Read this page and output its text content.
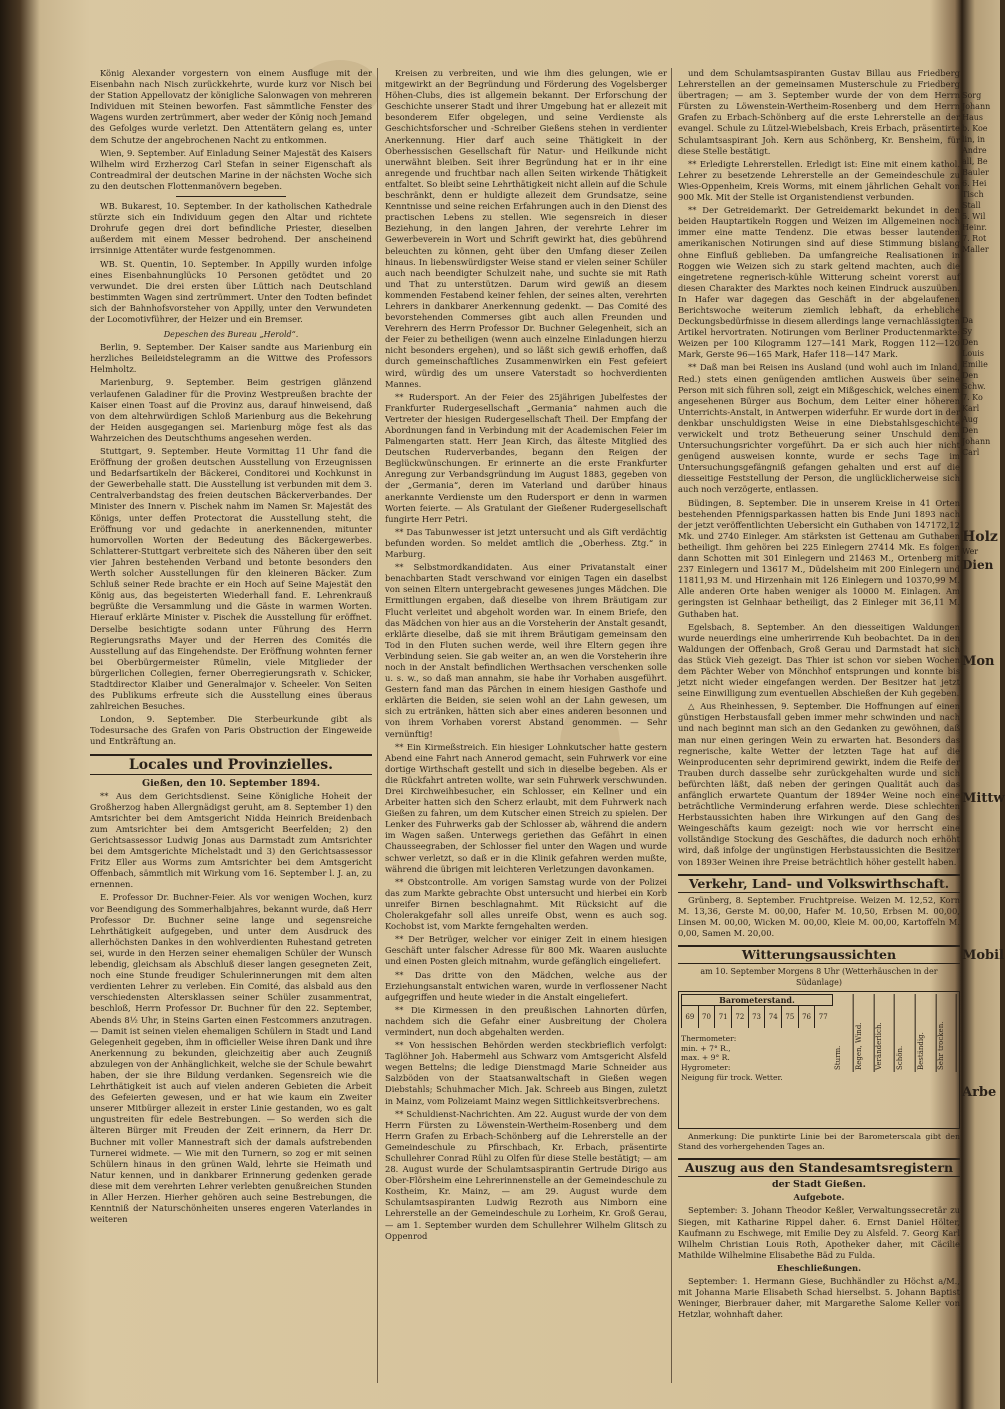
König Alexander vorgestern von einem Ausfluge mit der Eisenbahn nach Nisch zurückkehrte, wurde kurz vor Nisch bei der Station Appellovatz der königliche Salonwagen von mehreren Individuen mit Steinen beworfen. Fast sämmtliche Fenster des Wagens wurden zertrümmert, aber weder der König noch Jemand des Gefolges wurde verletzt. Den Attentätern gelang es, unter dem Schutze der angebrochenen Nacht zu entkommen.

Wien, 9. September. Auf Einladung Seiner Majestät des Kaisers Wilhelm wird Erzherzog Carl Stefan in seiner Eigenschaft als Contreadmiral der deutschen Marine in der nächsten Woche sich zu den deutschen Flottenmanövern begeben.

WB. Bukarest, 10. September. In der katholischen Kathedrale stürzte sich ein Individuum gegen den Altar und richtete Drohrufe gegen drei dort befindliche Priester, dieselben außerdem mit einem Messer bedrohend. Der anscheinend irrsinnige Attentäter wurde festgenommen.

WB. St. Quentin, 10. September. In Appilly wurden infolge eines Eisenbahnunglücks 10 Personen getödtet und 20 verwundet. Die drei ersten über Lüttich nach Deutschland bestimmten Wagen sind zertrümmert. Unter den Todten befindet sich der Bahnhofsvorsteher von Appilly, unter den Verwundeten der Locomotivführer, der Heizer und ein Bremser.

Depeschen des Bureau „Herold“.

Berlin, 9. September. Der Kaiser sandte aus Marienburg ein herzliches Beileidstelegramm an die Wittwe des Professors Helmholtz.

Marienburg, 9. September. Beim gestrigen glänzend verlaufenen Galadiner für die Provinz Westpreußen brachte der Kaiser einen Toast auf die Provinz aus, darauf hinweisend, daß von dem altehrwürdigen Schloß Marienburg aus die Bekehrung der Heiden ausgegangen sei. Marienburg möge fest als das Wahrzeichen des Deutschthums angesehen werden.

Stuttgart, 9. September. Heute Vormittag 11 Uhr fand die Eröffnung der großen deutschen Ausstellung von Erzeugnissen und Bedarfsartikeln der Bäckerei, Conditorei und Kochkunst in der Gewerbehalle statt. Die Ausstellung ist verbunden mit dem 3. Centralverbandstag des freien deutschen Bäckerverbandes. Der Minister des Innern v. Pischek nahm im Namen Sr. Majestät des Königs, unter deffen Protectorat die Ausstellung steht, die Eröffnung vor und gedachte in anerkennenden, mitunter humorvollen Worten der Bedeutung des Bäckergewerbes. Schlatterer-Stuttgart verbreitete sich des Näheren über den seit vier Jahren bestehenden Verband und betonte besonders den Werth solcher Ausstellungen für den kleineren Bäcker. Zum Schluß seiner Rede brachte er ein Hoch auf Seine Majestät den König aus, das begeisterten Wiederhall fand. E. Lehrenkrauß begrüßte die Versammlung und die Gäste in warmen Worten. Hierauf erklärte Minister v. Pischek die Ausstellung für eröffnet. Derselbe besichtigte sodann unter Führung des Herrn Regierungsraths Mayer und der Herren des Comités die Ausstellung auf das Eingehendste. Der Eröffnung wohnten ferner bei Oberbürgermeister Rümelin, viele Mitglieder der bürgerlichen Collegien, ferner Oberregierungsrath v. Schicker, Stadtdirector Klaiber und Generalmajor v. Scheeler. Von Seiten des Publikums erfreute sich die Ausstellung eines überaus zahlreichen Besuches.

London, 9. September. Die Sterbeurkunde gibt als Todesursache des Grafen von Paris Obstruction der Eingeweide und Entkräftung an.

Locales und Provinzielles.
Gießen, den 10. September 1894.

** Aus dem Gerichtsdienst. Seine Königliche Hoheit der Großherzog haben Allergnädigst geruht, am 8. September 1) den Amtsrichter bei dem Amtsgericht Nidda Heinrich Breidenbach zum Amtsrichter bei dem Amtsgericht Beerfelden; 2) den Gerichtsassessor Ludwig Jonas aus Darmstadt zum Amtsrichter bei dem Amtsgerichte Michelstadt und 3) den Gerichtsassessor Fritz Eller aus Worms zum Amtsrichter bei dem Amtsgericht Offenbach, sämmtlich mit Wirkung vom 16. September l. J. an, zu ernennen.

E. Professor Dr. Buchner-Feier. Als vor wenigen Wochen, kurz vor Beendigung des Sommerhalbjahres, bekannt wurde, daß Herr Professor Dr. Buchner seine lange und segensreiche Lehrthätigkeit aufgegeben, und unter dem Ausdruck des allerhöchsten Dankes in den wohlverdienten Ruhestand getreten sei, wurde in den Herzen seiner ehemaligen Schüler der Wunsch lebendig, gleichsam als Abschluß dieser langen gesegneten Zeit, noch eine Stunde freudiger Schulerinnerungen mit dem alten verdienten Lehrer zu verleben. Ein Comité, das alsbald aus den verschiedensten Altersklassen seiner Schüler zusammentrat, beschloß, Herrn Professor Dr. Buchner für den 22. September, Abends 8½ Uhr, in Steins Garten einen Festcommers anzutragen. — Damit ist seinen vielen ehemaligen Schülern in Stadt und Land Gelegenheit gegeben, ihm in officieller Weise ihren Dank und ihre Anerkennung zu bekunden, gleichzeitig aber auch Zeugniß abzulegen von der Anhänglichkeit, welche sie der Schule bewahrt haben, der sie ihre Bildung verdanken. Segensreich wie die Lehrthätigkeit ist auch auf vielen anderen Gebieten die Arbeit des Gefeierten gewesen, und er hat wie kaum ein Zweiter unserer Mitbürger allezeit in erster Linie gestanden, wo es galt ungustreiten für edele Bestrebungen. — So werden sich die älteren Bürger mit Freuden der Zeit erinnern, da Herr Dr. Buchner mit voller Mannestraft sich der damals aufstrebenden Turnerei widmete. — Wie mit den Turnern, so zog er mit seinen Schülern hinaus in den grünen Wald, lehrte sie Heimath und Natur kennen, und in dankbarer Erinnerung gedenken gerade diese mit dem verehrten Lehrer verlebten genußreichen Stunden in Aller Herzen. Hierher gehören auch seine Bestrebungen, die Kenntniß der Naturschönheiten unseres engeren Vaterlandes in weiteren

Kreisen zu verbreiten, und wie ihm dies gelungen, wie er mitgewirkt an der Begründung und Förderung des Vogelsberger Höhen-Clubs, dies ist allgemein bekannt. Der Erforschung der Geschichte unserer Stadt und ihrer Umgebung hat er allezeit mit besonderem Eifer obgelegen, und seine Verdienste als Geschichtsforscher und -Schreiber Gießens stehen in verdienter Anerkennung. Hier darf auch seine Thätigkeit in der Oberhessischen Gesellschaft für Natur- und Heilkunde nicht unerwähnt bleiben. Seit ihrer Begründung hat er in ihr eine anregende und fruchtbar nach allen Seiten wirkende Thätigkeit entfaltet. So bleibt seine Lehrthätigkeit nicht allein auf die Schule beschränkt, denn er huldigte allezeit dem Grundsatze, seine Kenntnisse und seine reichen Erfahrungen auch in den Dienst des practischen Lebens zu stellen. Wie segensreich in dieser Beziehung, in den langen Jahren, der verehrte Lehrer im Gewerbeverein in Wort und Schrift gewirkt hat, dies gebührend beleuchten zu können, geht über den Umfang dieser Zeilen hinaus. In liebenswürdigster Weise stand er vielen seiner Schüler auch nach beendigter Schulzeit nahe, und suchte sie mit Rath und That zu unterstützen. Darum wird gewiß an diesem kommenden Festabend keiner fehlen, der seines alten, verehrten Lehrers in dankbarer Anerkennung gedenkt. — Das Comité des bevorstehenden Commerses gibt auch allen Freunden und Verehrern des Herrn Professor Dr. Buchner Gelegenheit, sich an der Feier zu betheiligen (wenn auch einzelne Einladungen hierzu nicht besonders ergehen), und so läßt sich gewiß erhoffen, daß durch gemeinschaftliches Zusammenwirken ein Fest gefeiert wird, würdig des um unsere Vaterstadt so hochverdienten Mannes.

** Rudersport. An der Feier des 25jährigen Jubelfestes der Frankfurter Rudergesellschaft „Germania“ nahmen auch die Vertreter der hiesigen Rudergesellschaft Theil. Der Empfang der Abordnungen fand in Verbindung mit der Academischen Feier im Palmengarten statt. Herr Jean Kirch, das älteste Mitglied des Deutschen Ruderverbandes, begann den Reigen der Beglückwünschungen. Er erinnerte an die erste Frankfurter Anregung zur Verbandsgründung im August 1883, gegeben von der „Germania“, deren im Vaterland und darüber hinaus anerkannte Verdienste um den Rudersport er denn in warmen Worten feierte. — Als Gratulant der Gießener Rudergesellschaft fungirte Herr Petri.

** Das Tabunwesser ist jetzt untersucht und als Gift verdächtig befunden worden. So meldet amtlich die „Oberhess. Ztg.“ in Marburg.

** Selbstmordkandidaten. Aus einer Privatanstalt einer benachbarten Stadt verschwand vor einigen Tagen ein daselbst von seinen Eltern untergebracht gewesenes junges Mädchen. Die Ermittlungen ergaben, daß dieselbe von ihrem Bräutigam zur Flucht verleitet und abgeholt worden war. In einem Briefe, den das Mädchen von hier aus an die Vorsteherin der Anstalt gesandt, erklärte dieselbe, daß sie mit ihrem Bräutigam gemeinsam den Tod in den Fluten suchen werde, weil ihre Eltern gegen ihre Verbindung seien. Sie gab weiter an, an wen die Vorsteherin ihre noch in der Anstalt befindlichen Werthsachen verschenken solle u. s. w., so daß man annahm, sie habe ihr Vorhaben ausgeführt. Gestern fand man das Pärchen in einem hiesigen Gasthofe und erklärten die Beiden, sie seien wohl an der Lahn gewesen, um sich zu ertränken, hätten sich aber eines anderen besonnen und von ihrem Vorhaben vorerst Abstand genommen. — Sehr vernünftig!

** Ein Kirmeßstreich. Ein hiesiger Lohnkutscher hatte gestern Abend eine Fahrt nach Annerod gemacht, sein Fuhrwerk vor eine dortige Wirthschaft gestellt und sich in dieselbe begeben. Als er die Rückfahrt antreten wollte, war sein Fuhrwerk verschwunden. Drei Kirchweihbesucher, ein Schlosser, ein Kellner und ein Arbeiter hatten sich den Scherz erlaubt, mit dem Fuhrwerk nach Gießen zu fahren, um dem Kutscher einen Streich zu spielen. Der Lenker des Fuhrwerks gab der Schlosser ab, während die andern im Wagen saßen. Unterwegs geriethen das Gefährt in einen Chausseegraben, der Schlosser fiel unter den Wagen und wurde schwer verletzt, so daß er in die Klinik gefahren werden mußte, während die übrigen mit leichteren Verletzungen davonkamen.

** Obstcontrolle. Am vorigen Samstag wurde von der Polizei das zum Markte gebrachte Obst untersucht und hierbei ein Korb unreifer Birnen beschlagnahmt. Mit Rücksicht auf die Cholerakgefahr soll alles unreife Obst, wenn es auch sog. Kochobst ist, vom Markte ferngehalten werden.

** Der Betrüger, welcher vor einiger Zeit in einem hiesigen Geschäft unter falscher Adresse für 800 Mk. Waaren ausluchte und einen Posten gleich mitnahm, wurde gefänglich eingeliefert.

** Das dritte von den Mädchen, welche aus der Erziehungsanstalt entwichen waren, wurde in verflossener Nacht aufgegriffen und heute wieder in die Anstalt eingeliefert.

** Die Kirmessen in den preußischen Lahnorten dürfen, nachdem sich die Gefahr einer Ausbreitung der Cholera vermindert, nun doch abgehalten werden.

** Von hessischen Behörden werden steckbrieflich verfolgt: Taglöhner Joh. Habermehl aus Schwarz vom Amtsgericht Alsfeld wegen Bettelns; die ledige Dienstmagd Marie Schneider aus Salzböden von der Staatsanwaltschaft in Gießen wegen Diebstahls; Schuhmacher Mich. Jak. Schreeb aus Bingen, zuletzt in Mainz, vom Polizeiamt Mainz wegen Sittlichkeitsverbrechens.

** Schuldienst-Nachrichten. Am 22. August wurde der von dem Herrn Fürsten zu Löwenstein-Wertheim-Rosenberg und dem Herrn Grafen zu Erbach-Schönberg auf die Lehrerstelle an der Gemeindeschule zu Pfirschbach, Kr. Erbach, präsentirte Schullehrer Conrad Rühl zu Olfen für diese Stelle bestätigt; — am 28. August wurde der Schulamtsaspirantin Gertrude Dirigo aus Ober-Flörsheim eine Lehrerinnenstelle an der Gemeindeschule zu Kostheim, Kr. Mainz, — am 29. August wurde dem Schulamtsaspiranten Ludwig Rezroth aus Nimborn eine Lehrerstelle an der Gemeindeschule zu Lorheim, Kr. Groß Gerau, — am 1. September wurden dem Schullehrer Wilhelm Glitsch zu Oppenrod

und dem Schulamtsaspiranten Gustav Billau aus Friedberg Lehrerstellen an der gemeinsamen Musterschule zu Friedberg übertragen; — am 3. September wurde der von dem Herrn Fürsten zu Löwenstein-Wertheim-Rosenberg und dem Herrn Grafen zu Erbach-Schönberg auf die erste Lehrerstelle an der evangel. Schule zu Lützel-Wiebelsbach, Kreis Erbach, präsentirte Schulamtsaspirant Joh. Kern aus Schönberg, Kr. Bensheim, für diese Stelle bestätigt.

** Erledigte Lehrerstellen. Erledigt ist: Eine mit einem kathol. Lehrer zu besetzende Lehrerstelle an der Gemeindeschule zu Wies-Oppenheim, Kreis Worms, mit einem jährlichen Gehalt von 900 Mk. Mit der Stelle ist Organistendienst verbunden.

** Der Getreidemarkt. Der Getreidemarkt bekundet in den beiden Hauptartikeln Roggen und Weizen im Allgemeinen noch immer eine matte Tendenz. Die etwas besser lautenden amerikanischen Notirungen sind auf diese Stimmung bislang ohne Einfluß geblieben. Da umfangreiche Realisationen in Roggen wie Weizen sich zu stark geltend machten, auch die eingetretene regnerisch-kühle Witterung scheint vorerst auf diesen Charakter des Marktes noch keinen Eindruck auszuüben. In Hafer war dagegen das Geschäft in der abgelaufenen Berichtswoche weiterum ziemlich lebhaft, da erhebliche Deckungsbedürfnisse in diesem allerdings lange vernachlässigten Artikel hervortraten. Notirungen vom Berliner Productenmarkte: Weizen per 100 Kilogramm 127—141 Mark, Roggen 112—120 Mark, Gerste 96—165 Mark, Hafer 118—147 Mark.

** Daß man bei Reisen ins Ausland (und wohl auch im Inland, Red.) stets einen genügenden amtlichen Ausweis über seine Person mit sich führen soll, zeigt ein Mißgeschick, welches einem angesehenen Bürger aus Bochum, dem Leiter einer höheren Unterrichts-Anstalt, in Antwerpen widerfuhr. Er wurde dort in der denkbar unschuldigsten Weise in eine Diebstahlsgeschichte verwickelt und trotz Betheuerung seiner Unschuld dem Untersuchungsrichter vorgeführt. Da er sich auch hier nicht genügend ausweisen konnte, wurde er sechs Tage im Untersuchungsgefängniß gefangen gehalten und erst auf die diesseitige Feststellung der Person, die unglücklicherweise sich auch noch verzögerte, entlassen.

Büdingen, 8. September. Die in unserem Kreise in 41 Orten bestehenden Pfennigsparkassen hatten bis Ende Juni 1893 nach der jetzt veröffentlichten Uebersicht ein Guthaben von 147172,12 Mk. und 2740 Einleger. Am stärksten ist Gettenau am Guthaben betheiligt. Ihm gehören bei 225 Einlegern 27414 Mk. Es folgen dann Schotten mit 301 Einlegern und 21463 M., Ortenberg mit 237 Einlegern und 13617 M., Düdelsheim mit 200 Einlegern und 11811,93 M. und Hirzenhain mit 126 Einlegern und 10370,99 M. Alle anderen Orte haben weniger als 10000 M. Einlagen. Am geringsten ist Gelnhaar betheiligt, das 2 Einleger mit 36,11 M. Guthaben hat.

Egelsbach, 8. September. An den diesseitigen Waldungen wurde neuerdings eine umherirrende Kuh beobachtet. Da in den Waldungen der Offenbach, Groß Gerau und Darmstadt hat sich das Stück Vieh gezeigt. Das Thier ist schon vor sieben Wochen dem Pächter Weber von Mönchhof entsprungen und konnte bis jetzt nicht wieder eingefangen werden. Der Besitzer hat jetzt seine Einwilligung zum eventuellen Abschießen der Kuh gegeben.

△ Aus Rheinhessen, 9. September. Die Hoffnungen auf einen günstigen Herbstausfall geben immer mehr schwinden und nach und nach beginnt man sich an den Gedanken zu gewöhnen, daß man nur einen geringen Wein zu erwarten hat. Besonders das regnerische, kalte Wetter der letzten Tage hat auf die Weinproducenten sehr deprimirend gewirkt, indem die Reife der Trauben durch dasselbe sehr zurückgehalten wurde und sich befürchten läßt, daß neben der geringen Qualität auch das anfänglich erwartete Quantum der 1894er Weine noch eine beträchtliche Verminderung erfahren werde. Diese schlechten Herbstaussichten haben ihre Wirkungen auf den Gang des Weingeschäfts kaum gezeigt: noch wie vor herrscht eine vollständige Stockung des Geschäftes, die dadurch noch erhöht wird, daß infolge der ungünstigen Herbstaussichten die Besitzer von 1893er Weinen ihre Preise beträchtlich höher gestellt haben.

Verkehr, Land- und Volkswirthschaft.

Grünberg, 8. September. Fruchtpreise. Weizen M. 12,52, Korn M. 13,36, Gerste M. 00,00, Hafer M. 10,50, Erbsen M. 00,00, Linsen M. 00,00, Wicken M. 00,00, Kleie M. 00,00, Kartoffeln M. 0,00, Samen M. 20,00.

Witterungsaussichten
am 10. September Morgens 8 Uhr (Wetterhäuschen in der Südanlage)
Barometerstand.
69	70	71	72	73	74	75	76	77
Sturm.	Regen, Wind.	Veränderlich.	Schön.	Beständig.	Sehr trocken.
Thermometer:
min. + 7° R.,
max. + 9° R.
Hygrometer:
Neigung für trock. Wetter.

Anmerkung: Die punktirte Linie bei der Barometerscala gibt den Stand des vorhergehenden Tages an.

Auszug aus den Standesamtsregistern
der Stadt Gießen.
Aufgebote.

September: 3. Johann Theodor Keßler, Verwaltungssecretär zu Siegen, mit Katharine Rippel daher. 6. Ernst Daniel Hölter, Kaufmann zu Eschwege, mit Emilie Dey zu Alsfeld. 7. Georg Karl Wilhelm Christian Louis Roth, Apotheker daher, mit Cäcilie Mathilde Wilhelmine Elisabethe Bäd zu Fulda.

Eheschließungen.

September: 1. Hermann Giese, Buchhändler zu Höchst a/M., mit Johanna Marie Elisabeth Schad hierselbst. 5. Johann Baptist Weninger, Bierbrauer daher, mit Margarethe Salome Keller von Hetzlar, wohnhaft daher.

Sorg
Johann
Haus
b. Koe
lin, in
Andre
all, Be
Bauler
6. Hei
Tisch
Stall
5. Wil
Heinr.
7. Rot
Maller
Da
Sy
Den
Louis
Emilie
Den
Schw.
7. Ko
Karl
Aug
Den
Johann
Carl
Holz
Wer
Dien
Mon
Mittw
Mobil
Arbe
